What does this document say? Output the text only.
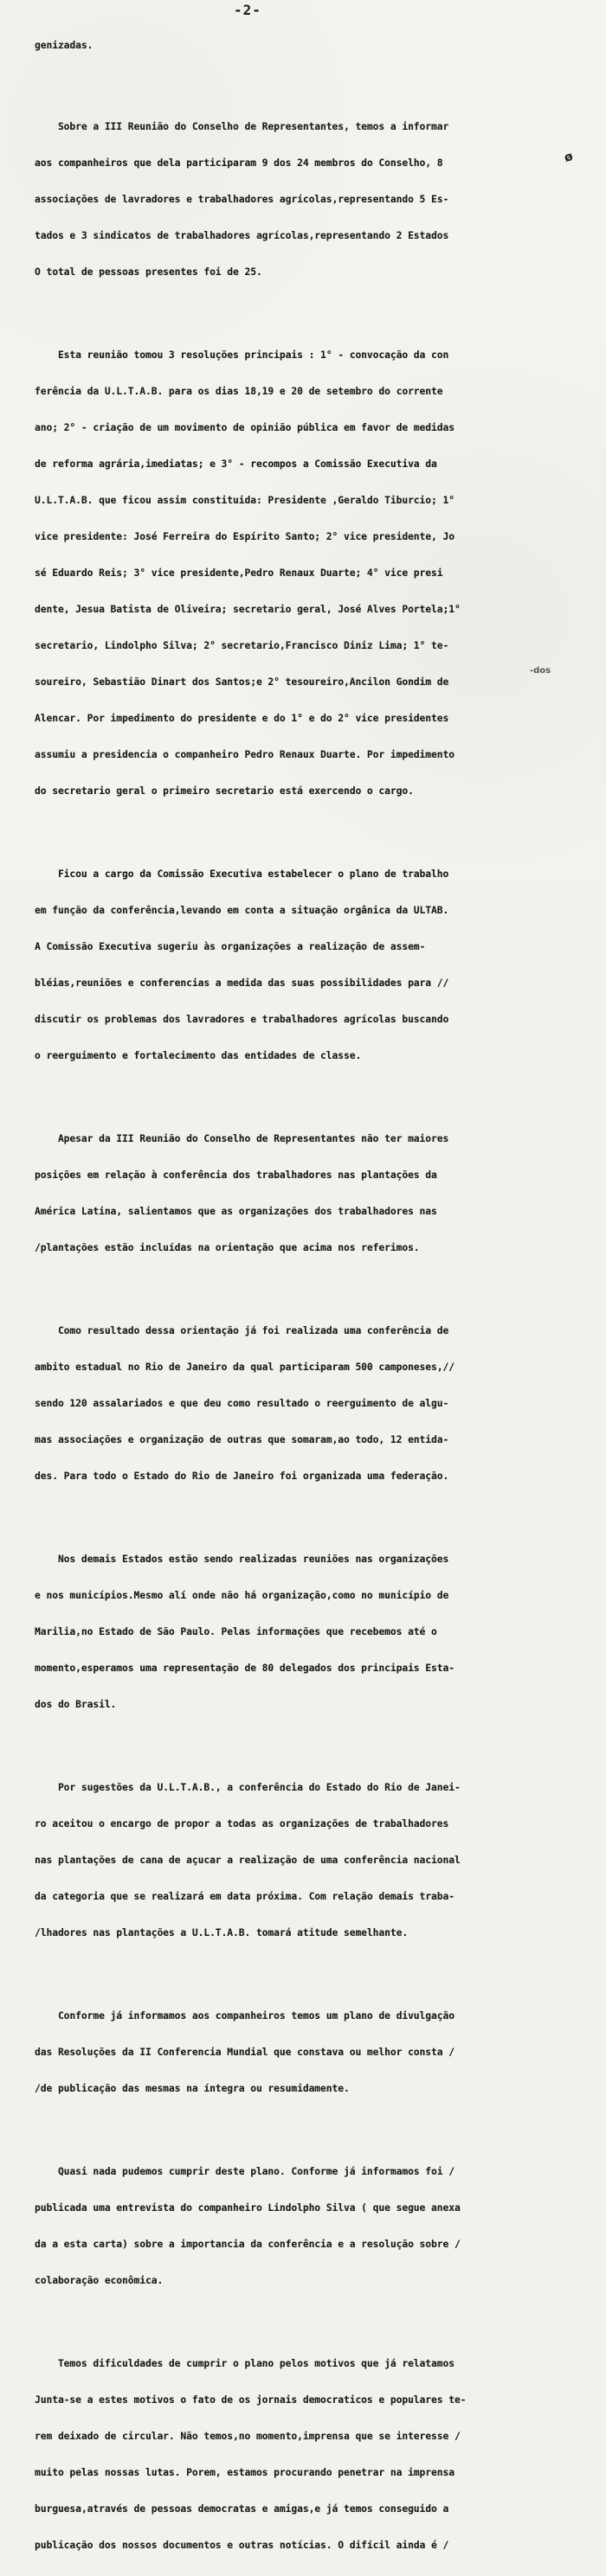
-2-

genizadas.

Sobre a III Reunião do Conselho de Representantes, temos a informar

aos companheiros que dela participaram 9 dos 24 membros do Conselho, 8

associações de lavradores e trabalhadores agrícolas,representando 5 Es-

tados e 3 sindicatos de trabalhadores agrícolas,representando 2 Estados

O total de pessoas presentes foi de 25.

Esta reunião tomou 3 resoluções principais : 1° - convocação da con

ferência da U.L.T.A.B. para os dias 18,19 e 20 de setembro do corrente

ano; 2° - criação de um movimento de opinião pública em favor de medidas

de reforma agrária,imediatas; e 3° - recompos a Comissão Executiva da

U.L.T.A.B. que ficou assim constituida: Presidente ,Geraldo Tiburcio; 1°

vice presidente: José Ferreira do Espírito Santo; 2° vice presidente, Jo

sé Eduardo Reis; 3° vice presidente,Pedro Renaux Duarte; 4° vice presi

dente, Jesua Batista de Oliveira; secretario geral, José Alves Portela;1°

secretario, Lindolpho Silva; 2° secretario,Francisco Diniz Lima; 1° te-

soureiro, Sebastião Dinart dos Santos;e 2° tesoureiro,Ancilon Gondim de

Alencar. Por impedimento do presidente e do 1° e do 2° vice presidentes

assumiu a presidencia o companheiro Pedro Renaux Duarte. Por impedimento

do secretario geral o primeiro secretario está exercendo o cargo.

Ficou a cargo da Comissão Executiva estabelecer o plano de trabalho

em função da conferência,levando em conta a situação orgânica da ULTAB.

A Comissão Executiva sugeriu às organizações a realização de assem-

bléias,reuniões e conferencias a medida das suas possibilidades para //

discutir os problemas dos lavradores e trabalhadores agrícolas buscando

o reerguimento e fortalecimento das entidades de classe.

Apesar da III Reunião do Conselho de Representantes não ter maiores

posições em relação à conferência dos trabalhadores nas plantações da

América Latina, salientamos que as organizações dos trabalhadores nas

/plantações estão incluídas na orientação que acima nos referimos.

Como resultado dessa orientação já foi realizada uma conferência de

ambito estadual no Rio de Janeiro da qual participaram 500 camponeses,//

sendo 120 assalariados e que deu como resultado o reerguimento de algu-

mas associações e organização de outras que somaram,ao todo, 12 entida-

des. Para todo o Estado do Rio de Janeiro foi organizada uma federação.

Nos demais Estados estão sendo realizadas reuniões nas organizações

e nos municípios.Mesmo alí onde não há organização,como no município de

Marilia,no Estado de São Paulo. Pelas informações que recebemos até o

momento,esperamos uma representação de 80 delegados dos principais Esta-

dos do Brasil.

Por sugestões da U.L.T.A.B., a conferência do Estado do Rio de Janei-

ro aceitou o encargo de propor a todas as organizações de trabalhadores

nas plantações de cana de açucar a realização de uma conferência nacional

da categoria que se realizará em data próxima. Com relação demais traba-

/lhadores nas plantações a U.L.T.A.B. tomará atitude semelhante.

Conforme já informamos aos companheiros temos um plano de divulgação

das Resoluções da II Conferencia Mundial que constava ou melhor consta /

/de publicação das mesmas na íntegra ou resumidamente.

Quasi nada pudemos cumprir deste plano. Conforme já informamos foi /

publicada uma entrevista do companheiro Lindolpho Silva ( que segue anexa

da a esta carta) sobre a importancia da conferência e a resolução sobre /

colaboração econômica.

Temos dificuldades de cumprir o plano pelos motivos que já relatamos

Junta-se a estes motivos o fato de os jornais democraticos e populares te-

rem deixado de circular. Não temos,no momento,imprensa que se interesse /

muito pelas nossas lutas. Porem, estamos procurando penetrar na imprensa

burguesa,através de pessoas democratas e amigas,e já temos conseguido a

publicação dos nossos documentos e outras notícias. O difícil ainda é /

ø
-dos
